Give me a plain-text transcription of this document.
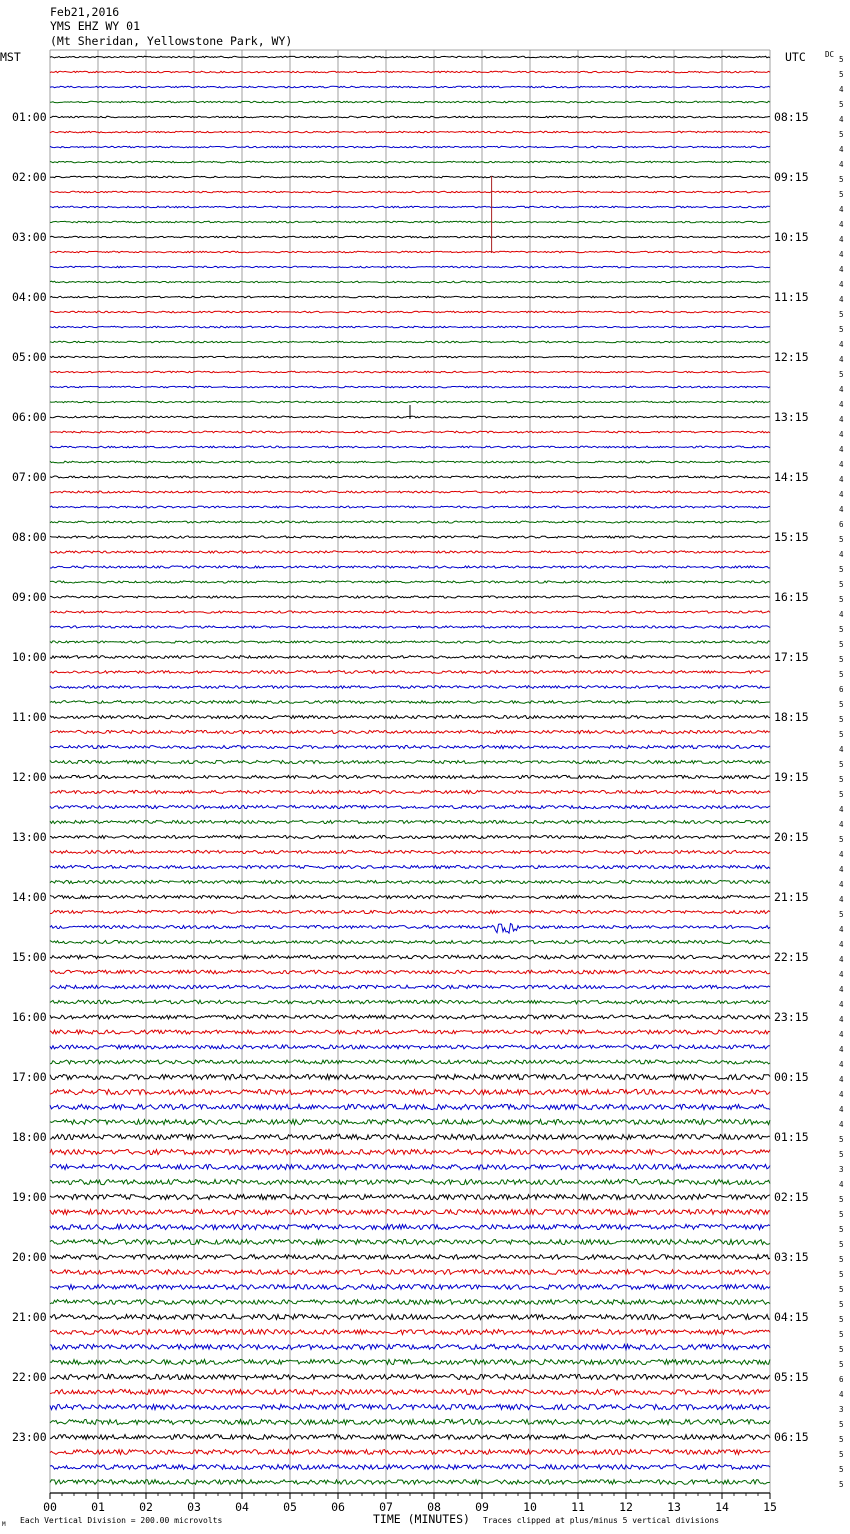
Feb21,2016
YMS EHZ WY 01
(Mt Sheridan, Yellowstone Park, WY)
MST	UTC	DC
01:00
02:00
03:00
04:00
05:00
06:00
07:00
08:00
09:00
10:00
11:00
12:00
13:00
14:00
15:00
16:00
17:00
18:00
19:00
20:00
21:00
22:00
23:00
08:15
09:15
10:15
11:15
12:15
13:15
14:15
15:15
16:15
17:15
18:15
19:15
20:15
21:15
22:15
23:15
00:15
01:15
02:15
03:15
04:15
05:15
06:15
5
5
4
5
4
5
4
4
5
5
4
4
4
4
4
4
4
5
5
4
4
5
4
4
4
4
4
4
4
4
4
6
5
4
5
5
5
4
5
5
5
5
6
5
5
5
4
5
5
5
4
4
5
4
4
4
4
5
4
4
4
4
4
4
4
4
4
4
4
4
4
4
5
5
3
4
5
5
5
5
5
5
5
5
5
5
5
5
6
4
3
5
5
5
5
5
00	01	02	03	04	05	06	07	08	09	10	11	12	13	14	15
TIME (MINUTES)
Each Vertical Division = 200.00 microvolts	Traces clipped at plus/minus 5 vertical divisions
M
